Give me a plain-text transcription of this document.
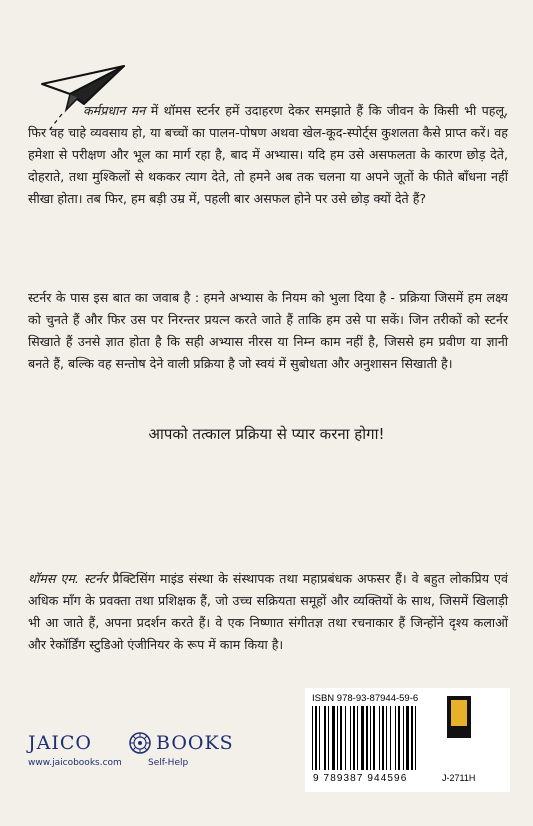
कर्मप्रधान मन में थॉमस स्टर्नर हमें उदाहरण देकर समझाते हैं कि जीवन के किसी भी पहलू, फिर वह चाहे व्यवसाय हो, या बच्चों का पालन-पोषण अथवा खेल-कूद-स्पोर्ट्स कुशलता कैसे प्राप्त करें। वह हमेशा से परीक्षण और भूल का मार्ग रहा है, बाद में अभ्यास। यदि हम उसे असफलता के कारण छोड़ देते, दोहराते, तथा मुश्किलों से थककर त्याग देते, तो हमने अब तक चलना या अपने जूतों के फीते बाँधना नहीं सीखा होता। तब फिर, हम बड़ी उम्र में, पहली बार असफल होने पर उसे छोड़ क्यों देते हैं?

स्टर्नर के पास इस बात का जवाब है : हमने अभ्यास के नियम को भुला दिया है - प्रक्रिया जिसमें हम लक्ष्य को चुनते हैं और फिर उस पर निरन्तर प्रयत्न करते जाते हैं ताकि हम उसे पा सकें। जिन तरीकों को स्टर्नर सिखाते हैं उनसे ज्ञात होता है कि सही अभ्यास नीरस या निम्न काम नहीं है, जिससे हम प्रवीण या ज्ञानी बनते हैं, बल्कि वह सन्तोष देने वाली प्रक्रिया है जो स्वयं में सुबोधता और अनुशासन सिखाती है।

आपको तत्काल प्रक्रिया से प्यार करना होगा!

थॉमस एम. स्टर्नर प्रैक्टिसिंग माइंड संस्था के संस्थापक तथा महाप्रबंधक अफसर हैं। वे बहुत लोकप्रिय एवं अधिक माँग के प्रवक्ता तथा प्रशिक्षक हैं, जो उच्च सक्रियता समूहों और व्यक्तियों के साथ, जिसमें खिलाड़ी भी आ जाते हैं, अपना प्रदर्शन करते हैं। वे एक निष्णात संगीतज्ञ तथा रचनाकार हैं जिन्होंने दृश्य कलाओं और रेकॉर्डिंग स्टुडिओ एंजीनियर के रूप में काम किया है।

JAICO	BOOKS
www.jaicobooks.com	Self-Help
ISBN 978-93-87944-59-6
9 789387 944596	J-2711H
